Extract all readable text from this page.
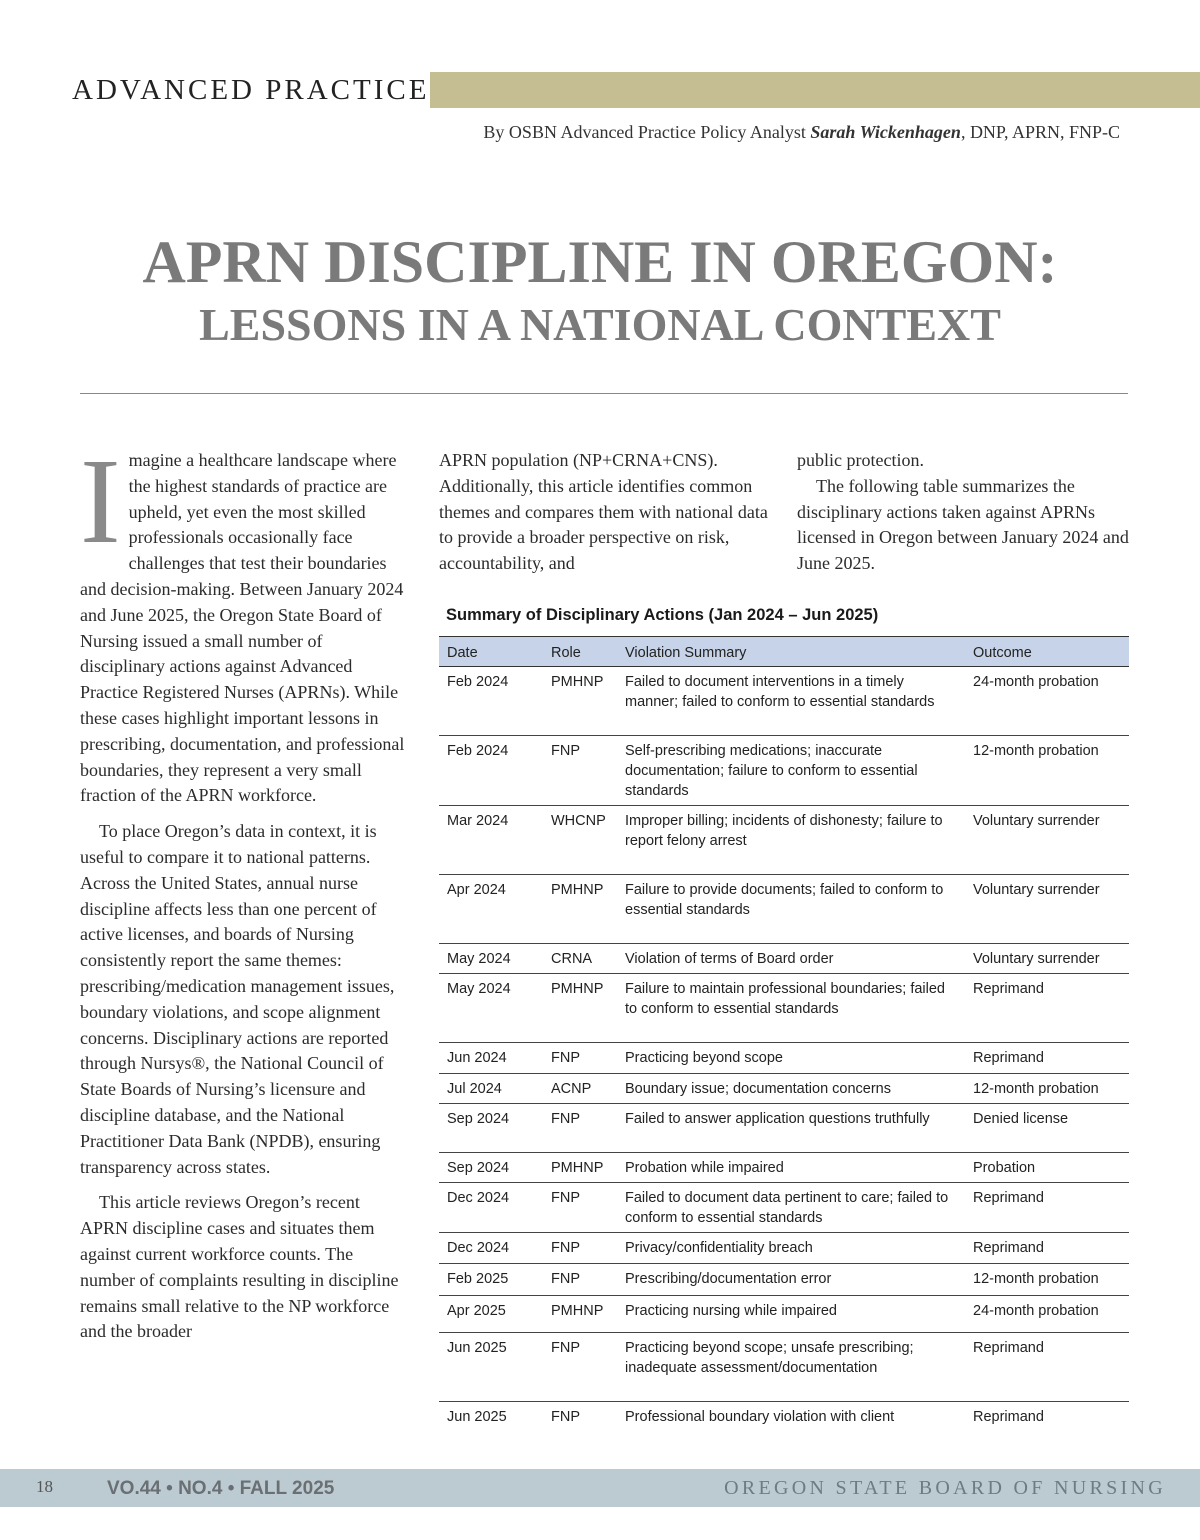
ADVANCED PRACTICE
By OSBN Advanced Practice Policy Analyst Sarah Wickenhagen, DNP, APRN, FNP-C
APRN DISCIPLINE IN OREGON:
LESSONS IN A NATIONAL CONTEXT

Imagine a healthcare landscape where the highest standards of practice are upheld, yet even the most skilled professionals occasionally face challenges that test their boundaries and decision-making. Between January 2024 and June 2025, the Oregon State Board of Nursing issued a small number of disciplinary actions against Advanced Practice Registered Nurses (APRNs). While these cases highlight important lessons in prescribing, documentation, and professional boundaries, they represent a very small fraction of the APRN workforce.

To place Oregon’s data in context, it is useful to compare it to national patterns. Across the United States, annual nurse discipline affects less than one percent of active licenses, and boards of Nursing consistently report the same themes: prescribing/medication management issues, boundary violations, and scope alignment concerns. Disciplinary actions are reported through Nursys®, the National Council of State Boards of Nursing’s licensure and discipline database, and the National Practitioner Data Bank (NPDB), ensuring transparency across states.

This article reviews Oregon’s recent APRN discipline cases and situates them against current workforce counts. The number of complaints resulting in discipline remains small relative to the NP workforce and the broader

APRN population (NP+CRNA+CNS). Additionally, this article identifies common themes and compares them with national data to provide a broader perspective on risk, accountability, and

public protection.

The following table summarizes the disciplinary actions taken against APRNs licensed in Oregon between January 2024 and June 2025.

Summary of Disciplinary Actions (Jan 2024 – Jun 2025)
Date	Role	Violation Summary	Outcome
Feb 2024	PMHNP	Failed to document interventions in a timely manner; failed to conform to essential standards	24-month probation
Feb 2024	FNP	Self-prescribing medications; inaccurate documentation; failure to conform to essential standards	12-month probation
Mar 2024	WHCNP	Improper billing; incidents of dishonesty; failure to report felony arrest	Voluntary surrender
Apr 2024	PMHNP	Failure to provide documents; failed to conform to essential standards	Voluntary surrender
May 2024	CRNA	Violation of terms of Board order	Voluntary surrender
May 2024	PMHNP	Failure to maintain professional boundaries; failed to conform to essential standards	Reprimand
Jun 2024	FNP	Practicing beyond scope	Reprimand
Jul 2024	ACNP	Boundary issue; documentation concerns	12-month probation
Sep 2024	FNP	Failed to answer application questions truthfully	Denied license
Sep 2024	PMHNP	Probation while impaired	Probation
Dec 2024	FNP	Failed to document data pertinent to care; failed to conform to essential standards	Reprimand
Dec 2024	FNP	Privacy/confidentiality breach	Reprimand
Feb 2025	FNP	Prescribing/documentation error	12-month probation
Apr 2025	PMHNP	Practicing nursing while impaired	24-month probation
Jun 2025	FNP	Practicing beyond scope; unsafe prescribing; inadequate assessment/documentation	Reprimand
Jun 2025	FNP	Professional boundary violation with client	Reprimand
18	VO.44 • NO.4 • FALL 2025	OREGON STATE BOARD OF NURSING
